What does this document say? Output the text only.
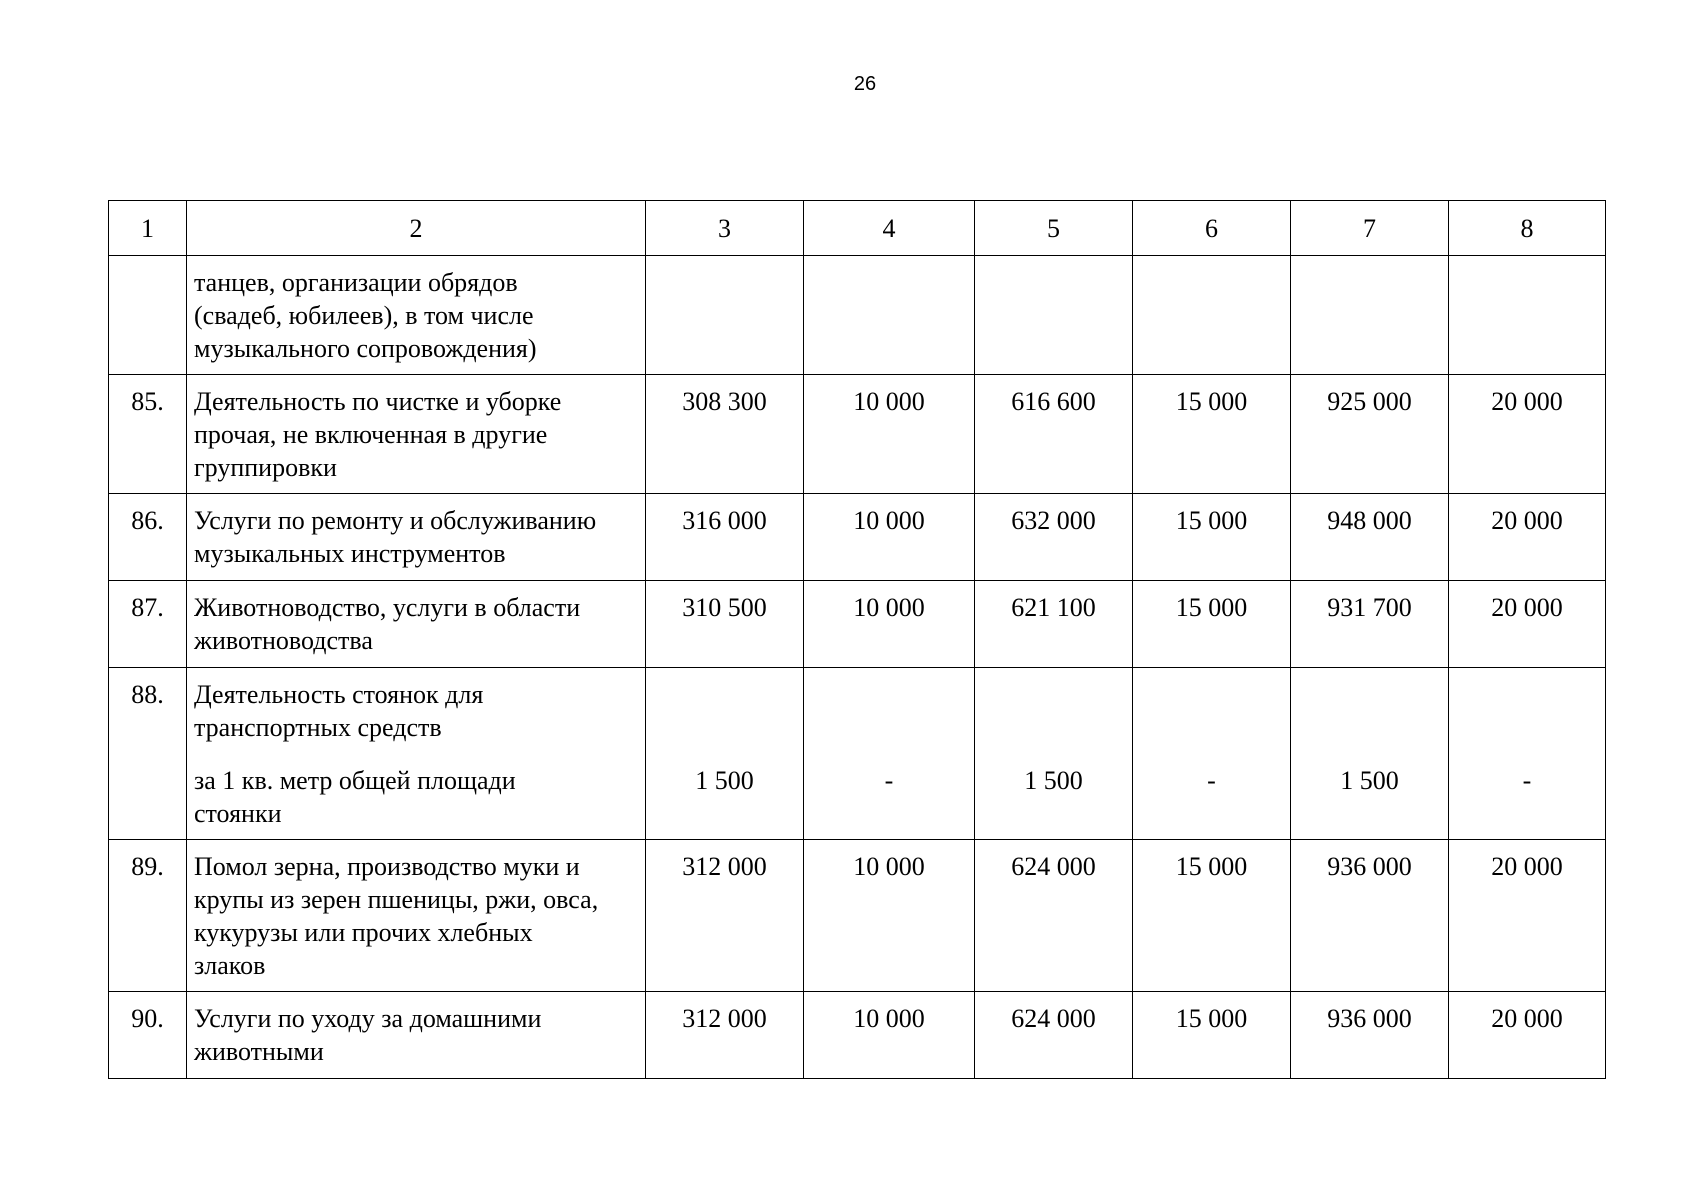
26
1	2	3	4	5	6	7	8

	танцев, организации обрядов
(свадеб, юбилеев), в том числе
музыкального сопровождения)						

85.	Деятельность по чистке и уборке
прочая, не включенная в другие
группировки	308 300	10 000	616 600	15 000	925 000	20 000
86.	Услуги по ремонту и обслуживанию
музыкальных инструментов	316 000	10 000	632 000	15 000	948 000	20 000
87.	Животноводство, услуги в области
животноводства	310 500	10 000	621 100	15 000	931 700	20 000
88.	Деятельность стоянок для
транспортных средств
за 1 кв. метр общей площади
стоянки	1 500	-	1 500	-	1 500	-

89.	Помол зерна, производство муки и
крупы из зерен пшеницы, ржи, овса,
кукурузы или прочих хлебных
злаков	312 000	10 000	624 000	15 000	936 000	20 000
90.	Услуги по уходу за домашними
животными	312 000	10 000	624 000	15 000	936 000	20 000
